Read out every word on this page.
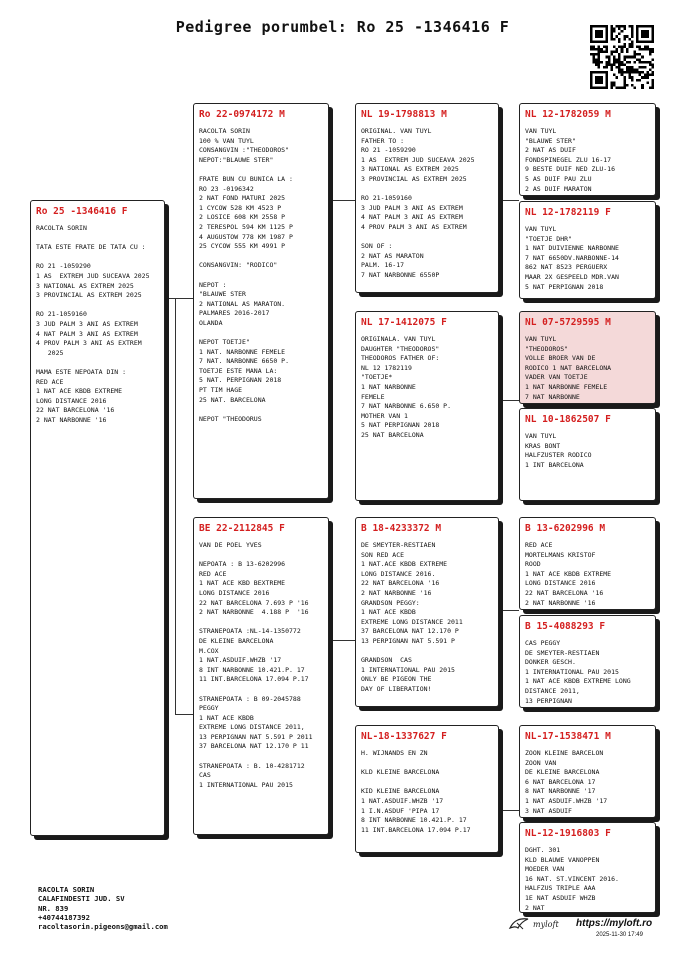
Pedigree porumbel: Ro 25 -1346416 F
Ro 25 -1346416 F
RACOLTA SORIN

TATA ESTE FRATE DE TATA CU :

RO 21 -1059290
1 AS  EXTREM JUD SUCEAVA 2025
3 NATIONAL AS EXTREM 2025
3 PROVINCIAL AS EXTREM 2025

RO 21-1059160
3 JUD PALM 3 ANI AS EXTREM
4 NAT PALM 3 ANI AS EXTREM
4 PROV PALM 3 ANI AS EXTREM
2025

MAMA ESTE NEPOATA DIN :
RED ACE
1 NAT ACE KBDB EXTREME
LONG DISTANCE 2016
22 NAT BARCELONA '16
2 NAT NARBONNE '16
Ro 22-0974172 M
RACOLTA SORIN
100 % VAN TUYL
CONSANGVIN :"THEODOROS"
NEPOT:"BLAUWE STER"

FRATE BUN CU BUNICA LA :
RO 23 -0196342
2 NAT FOND MATURI 2025
1 CYCOW 528 KM 4523 P
2 LOSICE 608 KM 2558 P
2 TERESPOL 594 KM 1125 P
4 AUGUSTOW 778 KM 1987 P
25 CYCOW 555 KM 4991 P

CONSANGVIN: "RODICO"

NEPOT :
"BLAUWE STER
2 NATIONAL AS MARATON.
PALMARES 2016-2017
OLANDA

NEPOT TOETJE"
1 NAT. NARBONNE FEMELE
7 NAT. NARBONNE 6650 P.
TOETJE ESTE MANA LA:
5 NAT. PERPIGNAN 2018
PT TIM HAGE
25 NAT. BARCELONA

NEPOT "THEODORUS
BE 22-2112845 F
VAN DE POEL YVES

NEPOATA : B 13-6202996
RED ACE
1 NAT ACE KBD BEXTREME
LONG DISTANCE 2016
22 NAT BARCELONA 7.693 P '16
2 NAT NARBONNE  4.188 P  '16

STRANEPOATA :NL-14-1350772
DE KLEINE BARCELONA
M.COX
1 NAT.ASDUIF.WHZB '17
8 INT NARBONNE 10.421.P. 17
11 INT.BARCELONA 17.094 P.17

STRANEPOATA : B 09-2045788
PEGGY
1 NAT ACE KBDB
EXTREME LONG DISTANCE 2011,
13 PERPIGNAN NAT 5.591 P 2011
37 BARCELONA NAT 12.170 P 11

STRANEPOATA : B. 10-4281712
CAS
1 INTERNATIONAL PAU 2015
NL 19-1798813 M
ORIGINAL. VAN TUYL
FATHER TO :
RO 21 -1059290
1 AS  EXTREM JUD SUCEAVA 2025
3 NATIONAL AS EXTREM 2025
3 PROVINCIAL AS EXTREM 2025

RO 21-1059160
3 JUD PALM 3 ANI AS EXTREM
4 NAT PALM 3 ANI AS EXTREM
4 PROV PALM 3 ANI AS EXTREM

SON OF :
2 NAT AS MARATON
PALM. 16-17
7 NAT NARBONNE 6550P
NL 17-1412075 F
ORIGINALA. VAN TUYL
DAUGHTER "THEODOROS"
THEODOROS FATHER OF:
NL 12 1782119
"TOETJE*
1 NAT NARBONNE
FEMELE
7 NAT NARBONNE 6.650 P.
MOTHER VAN 1
5 NAT PERPIGNAN 2018
25 NAT BARCELONA
B 18-4233372 M
DE SMEYTER-RESTIAEN
SON RED ACE
1 NAT.ACE KBDB EXTREME
LONG DISTANCE 2016.
22 NAT BARCELONA '16
2 NAT NARBONNE '16
GRANDSON PEGGY:
1 NAT ACE KBDB
EXTREME LONG DISTANCE 2011
37 BARCELONA NAT 12.170 P
13 PERPIGNAN NAT 5.591 P

GRANDSON  CAS
1 INTERNATIONAL PAU 2015
ONLY BE PIGEON THE
DAY OF LIBERATION!
NL-18-1337627 F
H. WIJNANDS EN ZN

KLD KLEINE BARCELONA

KID KLEINE BARCELONA
1 NAT.ASDUIF.WHZB '17
1 I.N.ASDUF 'PIPA 17
8 INT NARBONNE 10.421.P. 17
11 INT.BARCELONA 17.094 P.17
NL 12-1782059 M
VAN TUYL
"BLAUWE STER"
2 NAT AS DUIF
FONDSPINEGEL ZLU 16-17
9 BESTE DUIF NED ZLU-16
5 AS DUIF PAU ZLU
2 AS DUIF MARATON
NL 12-1782119 F
VAN TUYL
"TOETJE DHR"
1 NAT DUIVIENNE NARBONNE
7 NAT 6650DV.NARBONNE-14
862 NAT 8523 PERGUERX
MAAR 2X GESPEELD MDR.VAN
5 NAT PERPIGNAN 2018
NL 07-5729595 M
VAN TUYL
"THEODOROS"
VOLLE BROER VAN DE
RODICO 1 NAT BARCELONA
VADER VAN TOETJE
1 NAT NARBONNE FEMELE
7 NAT NARBONNE
NL 10-1862507 F
VAN TUYL
KRAS BONT
HALFZUSTER RODICO
1 INT BARCELONA
B 13-6202996 M
RED ACE
MORTELMANS KRISTOF
ROOD
1 NAT ACE KBDB EXTREME
LONG DISTANCE 2016
22 NAT BARCELONA '16
2 NAT NARBONNE '16
B 15-4088293 F
CAS PEGGY
DE SMEYTER-RESTIAEN
DONKER GESCH.
1 INTERNATIONAL PAU 2015
1 NAT ACE KBDB EXTREME LONG
DISTANCE 2011,
13 PERPIGNAN
NL-17-1538471 M
ZOON KLEINE BARCELON
ZOON VAN
DE KLEINE BARCELONA
6 NAT BARCELONA 17
8 NAT NARBONNE '17
1 NAT ASDUIF.WHZB '17
3 NAT ASDUIF
NL-12-1916803 F
DGHT. 301
KLD BLAUWE VANOPPEN
MOEDER VAN
16 NAT. ST.VINCENT 2016.
HALFZUS TRIPLE AAA
1E NAT ASDUIF WHZB
2 NAT
RACOLTA SORIN
CALAFINDESTI JUD. SV
NR. 839
+40744187392
racoltasorin.pigeons@gmail.com	myloft https://myloft.ro
2025-11-30 17:49
